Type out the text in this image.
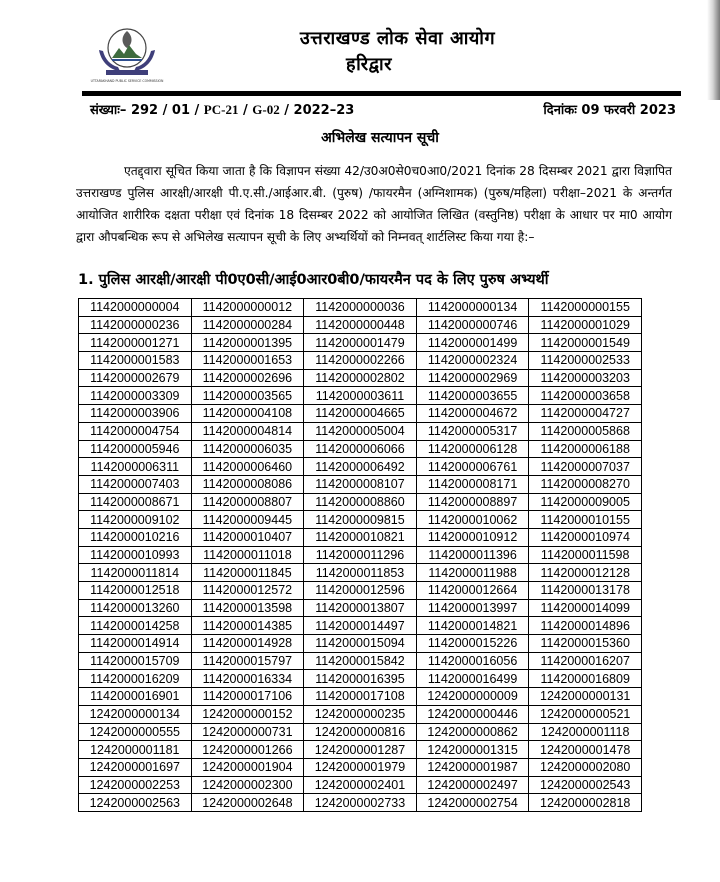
UTTARAKHAND PUBLIC SERVICE COMMISSION
उत्तराखण्ड लोक सेवा आयोग
हरिद्वार
संख्याः– 292 / 01 / PC-21 / G-02 / 2022–23	दिनांकः 09 फरवरी 2023
अभिलेख सत्यापन सूची

एतद्द्वारा सूचित किया जाता है कि विज्ञापन संख्या 42/उ0अ0से0च0आ0/2021 दिनांक 28 दिसम्बर 2021 द्वारा विज्ञापित उत्तराखण्ड पुलिस आरक्षी/आरक्षी पी.ए.सी./आईआर.बी. (पुरुष) /फायरमैन (अग्निशामक) (पुरुष/महिला) परीक्षा–2021 के अन्तर्गत आयोजित शारीरिक दक्षता परीक्षा एवं दिनांक 18 दिसम्बर 2022 को आयोजित लिखित (वस्तुनिष्ठ) परीक्षा के आधार पर मा0 आयोग द्वारा औपबन्धिक रूप से अभिलेख सत्यापन सूची के लिए अभ्यर्थियों को निम्नवत् शार्टलिस्ट किया गया है:–

1. पुलिस आरक्षी/आरक्षी पी0ए0सी/आई0आर0बी0/फायरमैन पद के लिए पुरुष अभ्यर्थी
1142000000004	1142000000012	1142000000036	1142000000134	1142000000155
1142000000236	1142000000284	1142000000448	1142000000746	1142000001029
1142000001271	1142000001395	1142000001479	1142000001499	1142000001549
1142000001583	1142000001653	1142000002266	1142000002324	1142000002533
1142000002679	1142000002696	1142000002802	1142000002969	1142000003203
1142000003309	1142000003565	1142000003611	1142000003655	1142000003658
1142000003906	1142000004108	1142000004665	1142000004672	1142000004727
1142000004754	1142000004814	1142000005004	1142000005317	1142000005868
1142000005946	1142000006035	1142000006066	1142000006128	1142000006188
1142000006311	1142000006460	1142000006492	1142000006761	1142000007037
1142000007403	1142000008086	1142000008107	1142000008171	1142000008270
1142000008671	1142000008807	1142000008860	1142000008897	1142000009005
1142000009102	1142000009445	1142000009815	1142000010062	1142000010155
1142000010216	1142000010407	1142000010821	1142000010912	1142000010974
1142000010993	1142000011018	1142000011296	1142000011396	1142000011598
1142000011814	1142000011845	1142000011853	1142000011988	1142000012128
1142000012518	1142000012572	1142000012596	1142000012664	1142000013178
1142000013260	1142000013598	1142000013807	1142000013997	1142000014099
1142000014258	1142000014385	1142000014497	1142000014821	1142000014896
1142000014914	1142000014928	1142000015094	1142000015226	1142000015360
1142000015709	1142000015797	1142000015842	1142000016056	1142000016207
1142000016209	1142000016334	1142000016395	1142000016499	1142000016809
1142000016901	1142000017106	1142000017108	1242000000009	1242000000131
1242000000134	1242000000152	1242000000235	1242000000446	1242000000521
1242000000555	1242000000731	1242000000816	1242000000862	1242000001118
1242000001181	1242000001266	1242000001287	1242000001315	1242000001478
1242000001697	1242000001904	1242000001979	1242000001987	1242000002080
1242000002253	1242000002300	1242000002401	1242000002497	1242000002543
1242000002563	1242000002648	1242000002733	1242000002754	1242000002818
